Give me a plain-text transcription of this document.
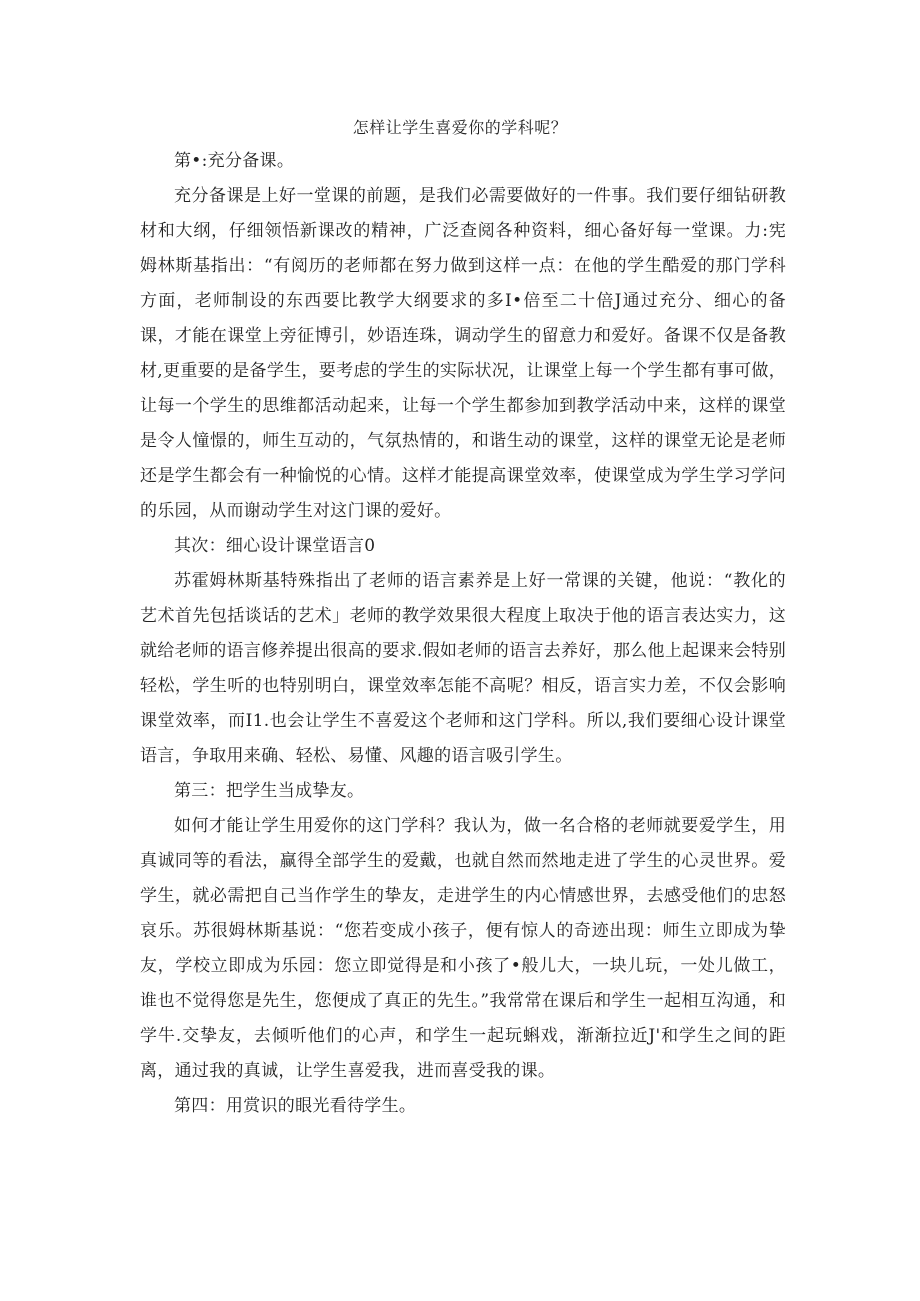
怎样让学生喜爱你的学科呢？

第•:充分备课。

充分备课是上好一堂课的前题，是我们必需要做好的一件事。我们要仔细钻研教材和大纲，仔细领悟新课改的精神，广泛查阅各种资料，细心备好每一堂课。力:宪姆林斯基指出：“有阅历的老师都在努力做到这样一点：在他的学生酷爱的那门学科方面，老师制设的东西要比教学大纲要求的多I•倍至二十倍J通过充分、细心的备课，才能在课堂上旁征博引，妙语连珠，调动学生的留意力和爱好。备课不仅是备教材,更重要的是备学生，要考虑的学生的实际状况，让课堂上每一个学生都有事可做，让每一个学生的思维都活动起来，让每一个学生都参加到教学活动中来，这样的课堂是令人憧憬的，师生互动的，气氛热情的，和谐生动的课堂，这样的课堂无论是老师还是学生都会有一种愉悦的心情。这样才能提高课堂效率，使课堂成为学生学习学问的乐园，从而谢动学生对这门课的爱好。

其次：细心设计课堂语言0

苏霍姆林斯基特殊指出了老师的语言素养是上好一常课的关键，他说：“教化的艺术首先包括谈话的艺术」老师的教学效果很大程度上取决于他的语言表达实力，这就给老师的语言修养提出很高的要求.假如老师的语言去养好，那么他上起课来会特别轻松，学生听的也特别明白，课堂效率怎能不高呢？相反，语言实力差，不仅会影响课堂效率，而I1.也会让学生不喜爱这个老师和这门学科。所以,我们要细心设计课堂语言，争取用来确、轻松、易懂、风趣的语言吸引学生。

第三：把学生当成挚友。

如何才能让学生用爱你的这门学科？我认为，做一名合格的老师就要爱学生，用真诚同等的看法，赢得全部学生的爱戴，也就自然而然地走进了学生的心灵世界。爱学生，就必需把自己当作学生的挚友，走进学生的内心情感世界，去感受他们的忠怒哀乐。苏很姆林斯基说：“您若变成小孩子，便有惊人的奇迹出现：师生立即成为挚友，学校立即成为乐园：您立即觉得是和小孩了•般儿大，一块儿玩，一处儿做工，谁也不觉得您是先生，您便成了真正的先生。”我常常在课后和学生一起相互沟通，和学牛.交挚友，去倾听他们的心声，和学生一起玩蝌戏，渐渐拉近J'和学生之间的距离，通过我的真诚，让学生喜爱我，进而喜受我的课。

第四：用赏识的眼光看待学生。
